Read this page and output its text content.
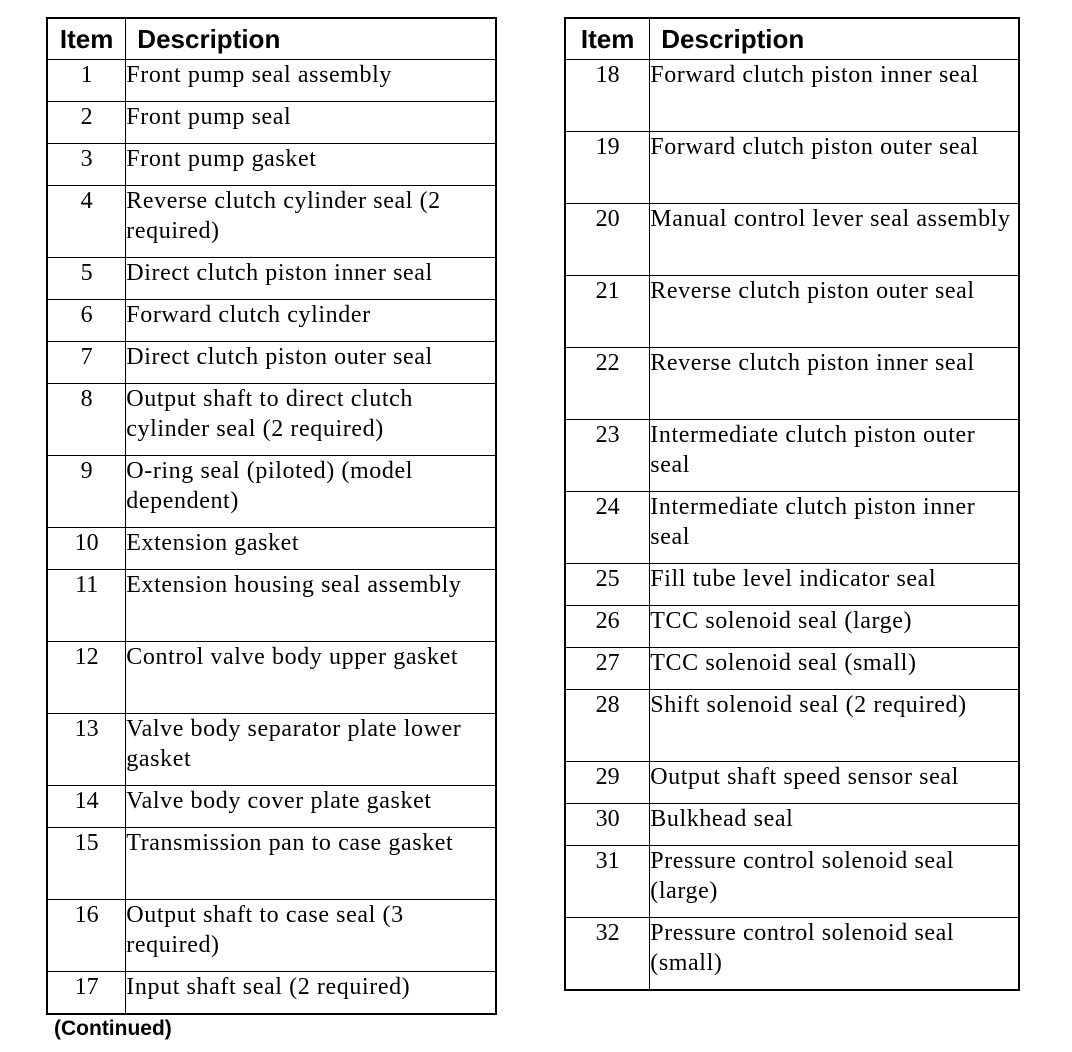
Item	Description
1	Front pump seal assembly
2	Front pump seal
3	Front pump gasket
4	Reverse clutch cylinder seal (2 required)
5	Direct clutch piston inner seal
6	Forward clutch cylinder
7	Direct clutch piston outer seal
8	Output shaft to direct clutch cylinder seal (2 required)
9	O-ring seal (piloted) (model dependent)
10	Extension gasket
11	Extension housing seal assembly
12	Control valve body upper gasket
13	Valve body separator plate lower gasket
14	Valve body cover plate gasket
15	Transmission pan to case gasket
16	Output shaft to case seal (3 required)
17	Input shaft seal (2 required)
Item	Description
18	Forward clutch piston inner seal
19	Forward clutch piston outer seal
20	Manual control lever seal assembly
21	Reverse clutch piston outer seal
22	Reverse clutch piston inner seal
23	Intermediate clutch piston outer seal
24	Intermediate clutch piston inner seal
25	Fill tube level indicator seal
26	TCC solenoid seal (large)
27	TCC solenoid seal (small)
28	Shift solenoid seal (2 required)
29	Output shaft speed sensor seal
30	Bulkhead seal
31	Pressure control solenoid seal (large)
32	Pressure control solenoid seal (small)
(Continued)
